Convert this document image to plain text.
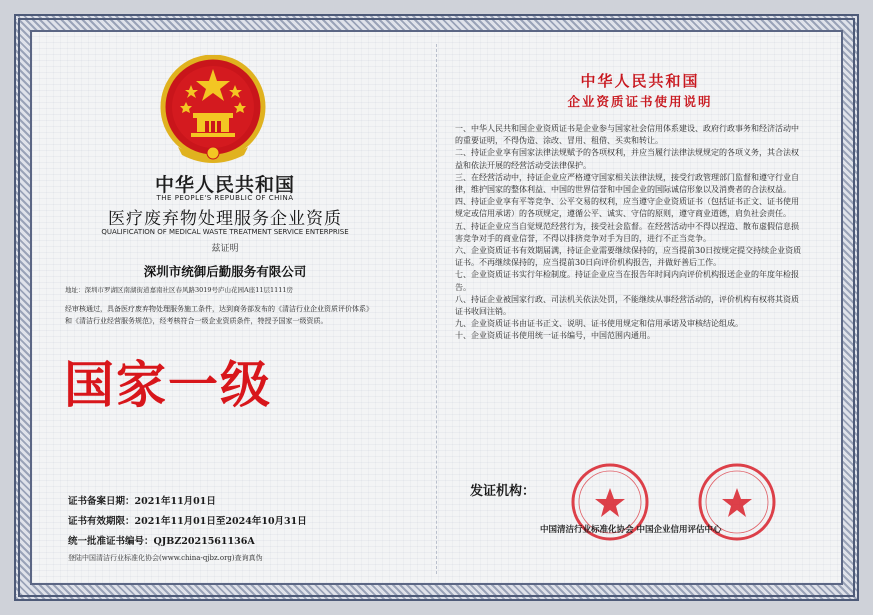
中华人民共和国
THE PEOPLE'S REPUBLIC OF CHINA
医疗废弃物处理服务企业资质
QUALIFICATION OF MEDICAL WASTE TREATMENT SERVICE ENTERPRISE
兹证明
深圳市统御后勤服务有限公司
地址：深圳市罗湖区南湖街道嘉南社区春风路3019号庐山花园A座11层1111房
经审核通过，具备医疗废弃物处理服务施工条件，达到商务部发布的《清洁行业企业资质评价体系》和《清洁行业经营服务规范》，经考核符合一级企业资质条件，特授予国家一级资质。
国家一级
证书备案日期：2021年11月01日
证书有效期限：2021年11月01日至2024年10月31日
统一批准证书编号：QJBZ2021561136A
登陆中国清洁行业标准化协会(www.china-qjbz.org)查询真伪
中华人民共和国
企业资质证书使用说明

一、中华人民共和国企业资质证书是企业参与国家社会信用体系建设、政府行政事务和经济活动中的重要证明，不得伪造、涂改、冒用、租借、买卖和转让。

二、持证企业享有国家法律法规赋予的各项权利，并应当履行法律法规规定的各项义务，其合法权益和依法开展的经营活动受法律保护。

三、在经营活动中，持证企业应严格遵守国家相关法律法规，接受行政管理部门监督和遵守行业自律，维护国家的整体利益、中国的世界信誉和中国企业的国际诚信形象以及消费者的合法权益。

四、持证企业享有平等竞争、公平交易的权利，应当遵守企业资质证书（包括证书正文、证书使用规定或信用承诺）的各项规定，遵循公平、诚实、守信的原则，遵守商业道德，肩负社会责任。

五、持证企业应当自觉规范经营行为，接受社会监督。在经营活动中不得以捏造、散布虚假信息损害竞争对手的商业信誉，不得以排挤竞争对手为目的，进行不正当竞争。

六、企业资质证书有效期届满，持证企业需要继续保持的，应当提前30日按规定提交持续企业资质证书。不再继续保持的，应当提前30日向评价机构报告，并做好善后工作。

七、企业资质证书实行年检制度。持证企业应当在报告年时间内向评价机构报送企业的年度年检报告。

八、持证企业被国家行政、司法机关依法处罚，不能继续从事经营活动的，评价机构有权将其资质证书收回注销。

九、企业资质证书由证书正文、说明、证书使用规定和信用承诺及审核结论组成。

十、企业资质证书使用统一证书编号，中国范围内通用。

发证机构：
中国清洁行业标准化协会 中国企业信用评估中心
